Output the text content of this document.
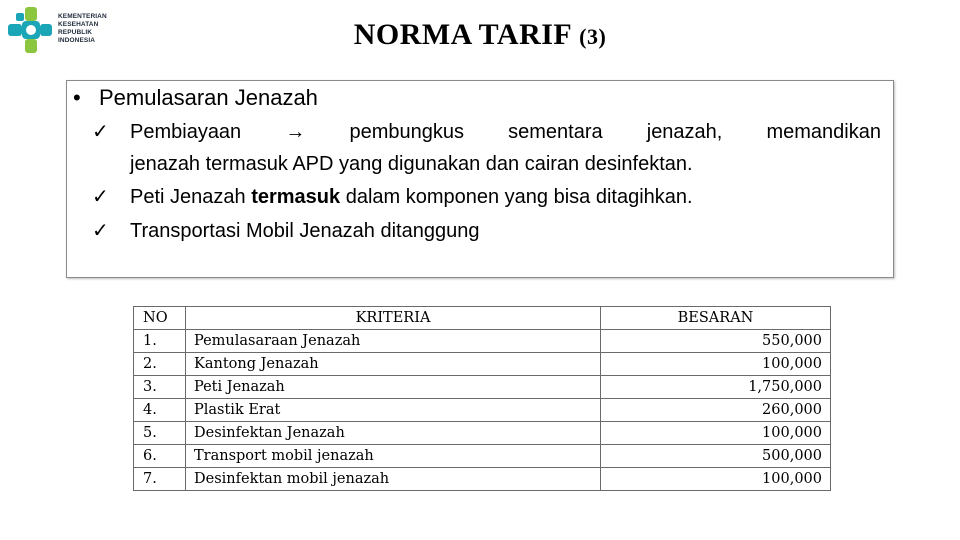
KEMENTERIAN
KESEHATAN
REPUBLIK
INDONESIA	NORMA TARIF (3)
• Pemulasaran Jenazah
✓	Pembiayaan → pembungkus sementara jenazah, memandikan
jenazah termasuk APD yang digunakan dan cairan desinfektan.
✓	Peti Jenazah termasuk dalam komponen yang bisa ditagihkan.
✓	Transportasi Mobil Jenazah ditanggung
NO	KRITERIA	BESARAN
1.	Pemulasaraan Jenazah	550,000
2.	Kantong Jenazah	100,000
3.	Peti Jenazah	1,750,000
4.	Plastik Erat	260,000
5.	Desinfektan Jenazah	100,000
6.	Transport mobil jenazah	500,000
7.	Desinfektan mobil jenazah	100,000
